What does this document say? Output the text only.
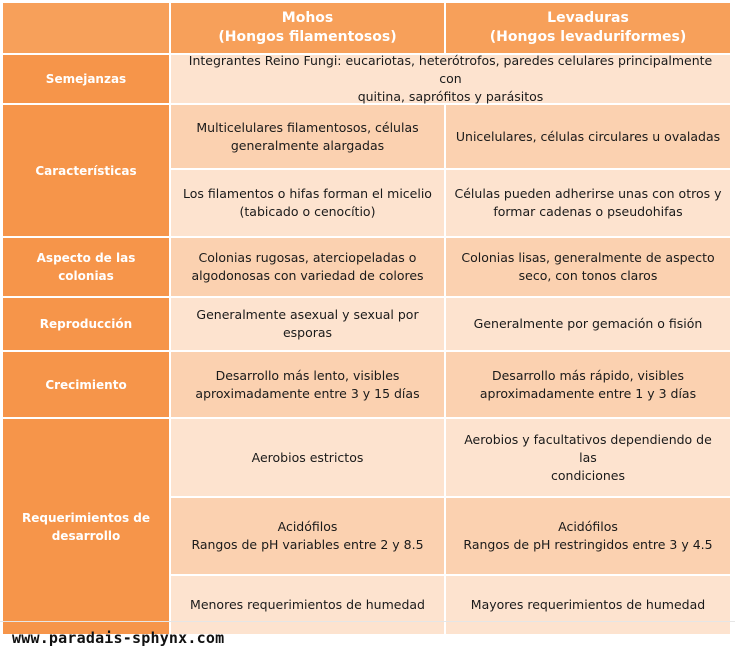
Mohos
(Hongos filamentosos)
Levaduras
(Hongos levaduriformes)
Semejanzas
Integrantes Reino Fungi: eucariotas, heterótrofos, paredes celulares principalmente con
quitina, saprófitos y parásitos
Características
Multicelulares filamentosos, células
generalmente alargadas
Unicelulares, células circulares u ovaladas
Los filamentos o hifas forman el micelio
(tabicado o cenocítio)
Células pueden adherirse unas con otros y
formar cadenas o pseudohifas
Aspecto de las colonias
Colonias rugosas, aterciopeladas o
algodonosas con variedad de colores
Colonias lisas, generalmente de aspecto
seco, con tonos claros
Reproducción
Generalmente asexual y sexual por
esporas
Generalmente por gemación o fisión
Crecimiento
Desarrollo más lento, visibles
aproximadamente entre 3 y 15 días
Desarrollo más rápido, visibles
aproximadamente entre 1 y 3 días
Requerimientos de
desarrollo
Aerobios estrictos
Aerobios y facultativos dependiendo de las
condiciones
Acidófilos
Rangos de pH variables entre 2 y 8.5
Acidófilos
Rangos de pH restringidos entre 3 y 4.5
Menores requerimientos de humedad	Mayores requerimientos de humedad
www.paradais-sphynx.com
